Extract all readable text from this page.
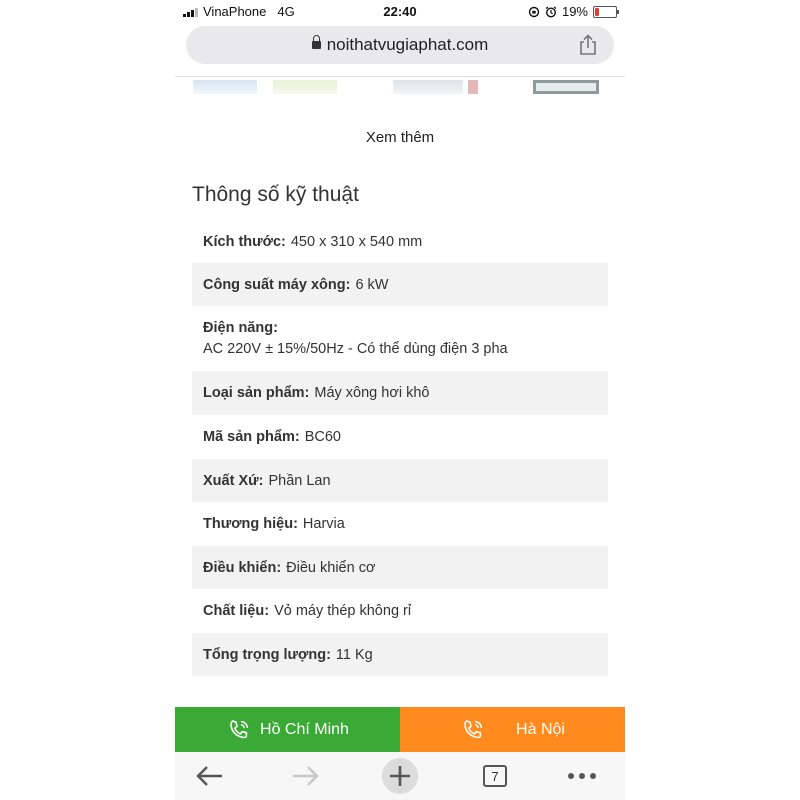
VinaPhone 4G	22:40	19%
noithatvugiaphat.com
Xem thêm
Thông số kỹ thuật
Kích thước: 450 x 310 x 540 mm
Công suất máy xông: 6 kW
Điện năng:
AC 220V ± 15%/50Hz - Có thể dùng điện 3 pha
Loại sản phẩm: Máy xông hơi khô
Mã sản phẩm: BC60
Xuất Xứ: Phần Lan
Thương hiệu: Harvia
Điều khiển: Điều khiển cơ
Chất liệu: Vỏ máy thép không rỉ
Tổng trọng lượng: 11 Kg
Hồ Chí Minh	Hà Nội
7
